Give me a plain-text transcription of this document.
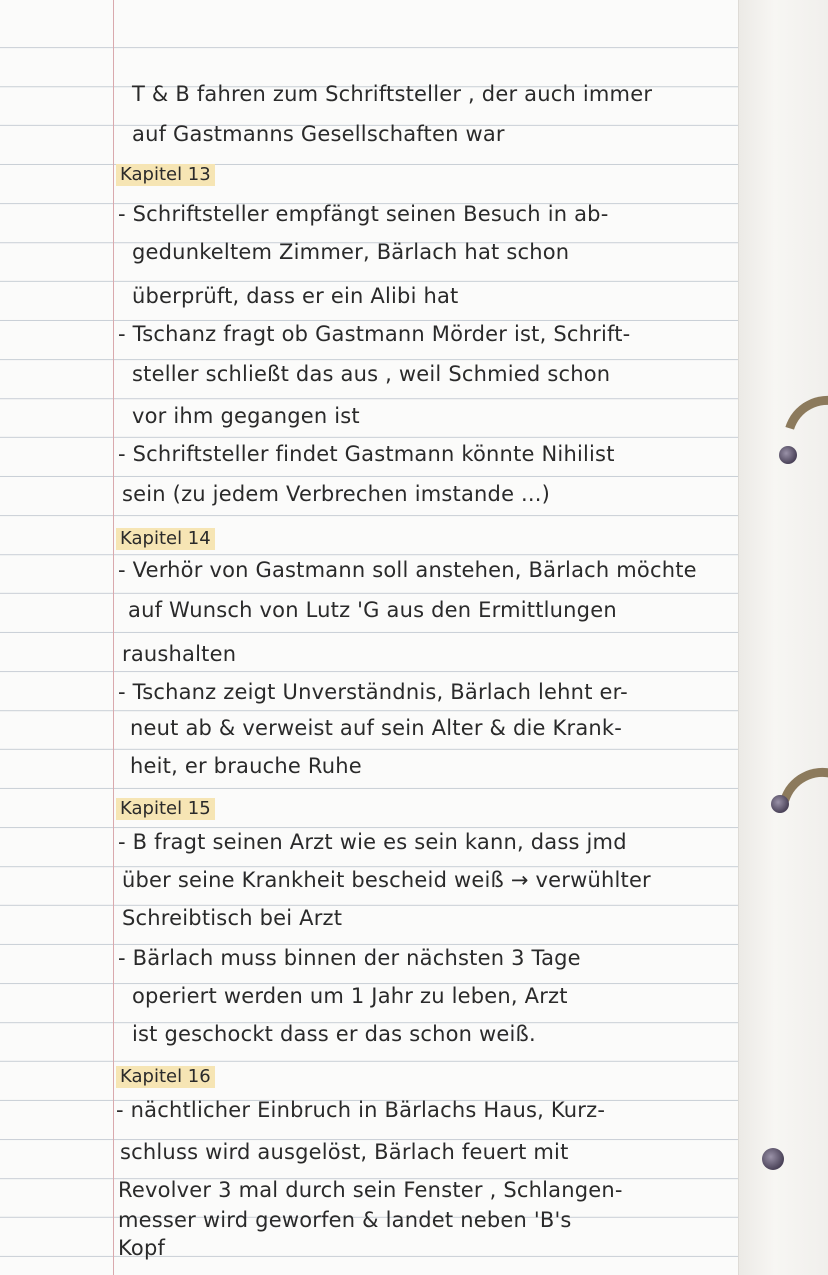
T & B fahren zum Schriftsteller , der auch immer
auf Gastmanns Gesellschaften war
Kapitel 13
- Schriftsteller empfängt seinen Besuch in ab-
gedunkeltem Zimmer, Bärlach hat schon
überprüft, dass er ein Alibi hat
- Tschanz fragt ob Gastmann Mörder ist, Schrift-
steller schließt das aus , weil Schmied schon
vor ihm gegangen ist
- Schriftsteller findet Gastmann könnte Nihilist
sein (zu jedem Verbrechen imstande ...)
Kapitel 14
- Verhör von Gastmann soll anstehen, Bärlach möchte
auf Wunsch von Lutz 'G aus den Ermittlungen
raushalten
- Tschanz zeigt Unverständnis, Bärlach lehnt er-
neut ab & verweist auf sein Alter & die Krank-
heit, er brauche Ruhe
Kapitel 15
- B fragt seinen Arzt wie es sein kann, dass jmd
über seine Krankheit bescheid weiß → verwühlter
Schreibtisch bei Arzt
- Bärlach muss binnen der nächsten 3 Tage
operiert werden um 1 Jahr zu leben, Arzt
ist geschockt dass er das schon weiß.
Kapitel 16
- nächtlicher Einbruch in Bärlachs Haus, Kurz-
schluss wird ausgelöst, Bärlach feuert mit
Revolver 3 mal durch sein Fenster , Schlangen-
messer wird geworfen & landet neben 'B's
Kopf
